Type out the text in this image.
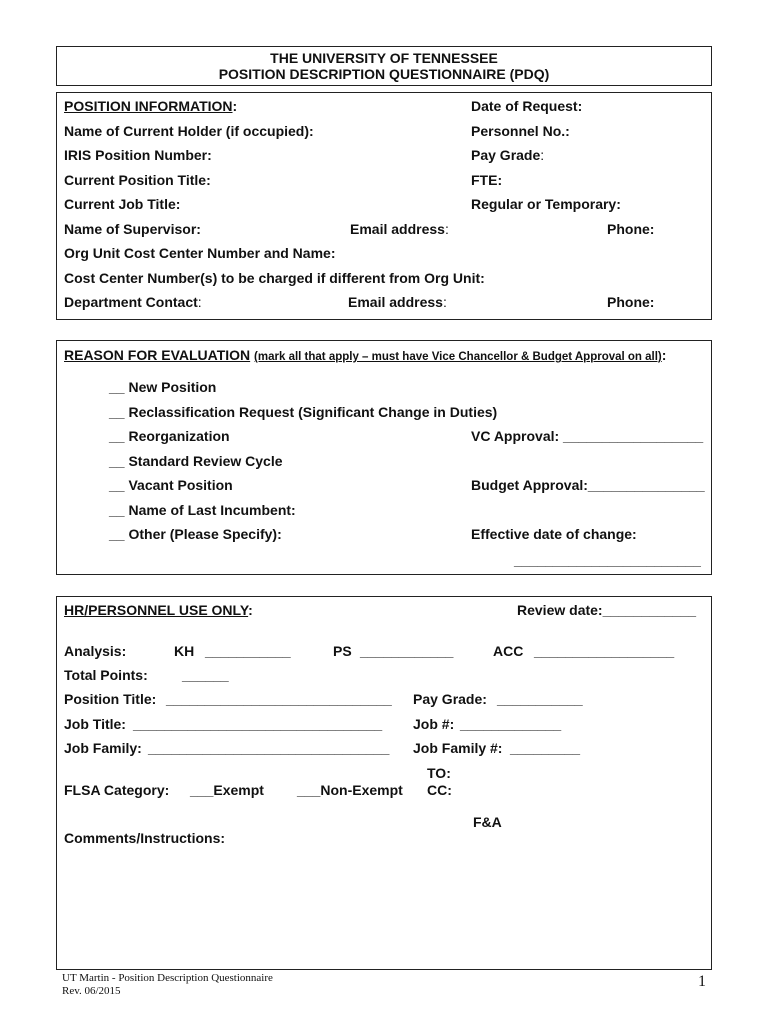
THE UNIVERSITY OF TENNESSEE
POSITION DESCRIPTION QUESTIONNAIRE (PDQ)
POSITION INFORMATION:	Date of Request:
Name of Current Holder (if occupied):	Personnel No.:
IRIS Position Number:	Pay Grade:
Current Position Title:	FTE:
Current Job Title:	Regular or Temporary:
Name of Supervisor:	Email address:	Phone:
Org Unit Cost Center Number and Name:
Cost Center Number(s) to be charged if different from Org Unit:
Department Contact:	Email address:	Phone:
REASON FOR EVALUATION (mark all that apply – must have Vice Chancellor & Budget Approval on all):
__ New Position
__ Reclassification Request (Significant Change in Duties)
__ Reorganization
__ Standard Review Cycle
__ Vacant Position
__ Name of Last Incumbent:
__ Other (Please Specify):
VC Approval: __________________
Budget Approval:_______________
Effective date of change:
________________________
HR/PERSONNEL USE ONLY:	Review date:____________
Analysis:	KH ___________	PS ____________	ACC __________________
Total Points: ______
Position Title: _____________________________ Pay Grade: ___________
Job Title: ________________________________ Job #: _____________
Job Family: _______________________________ Job Family #: _________
TO:
FLSA Category: ___Exempt ___Non-Exempt CC:
F&A
Comments/Instructions:
UT Martin - Position Description Questionnaire
Rev. 06/2015
1
